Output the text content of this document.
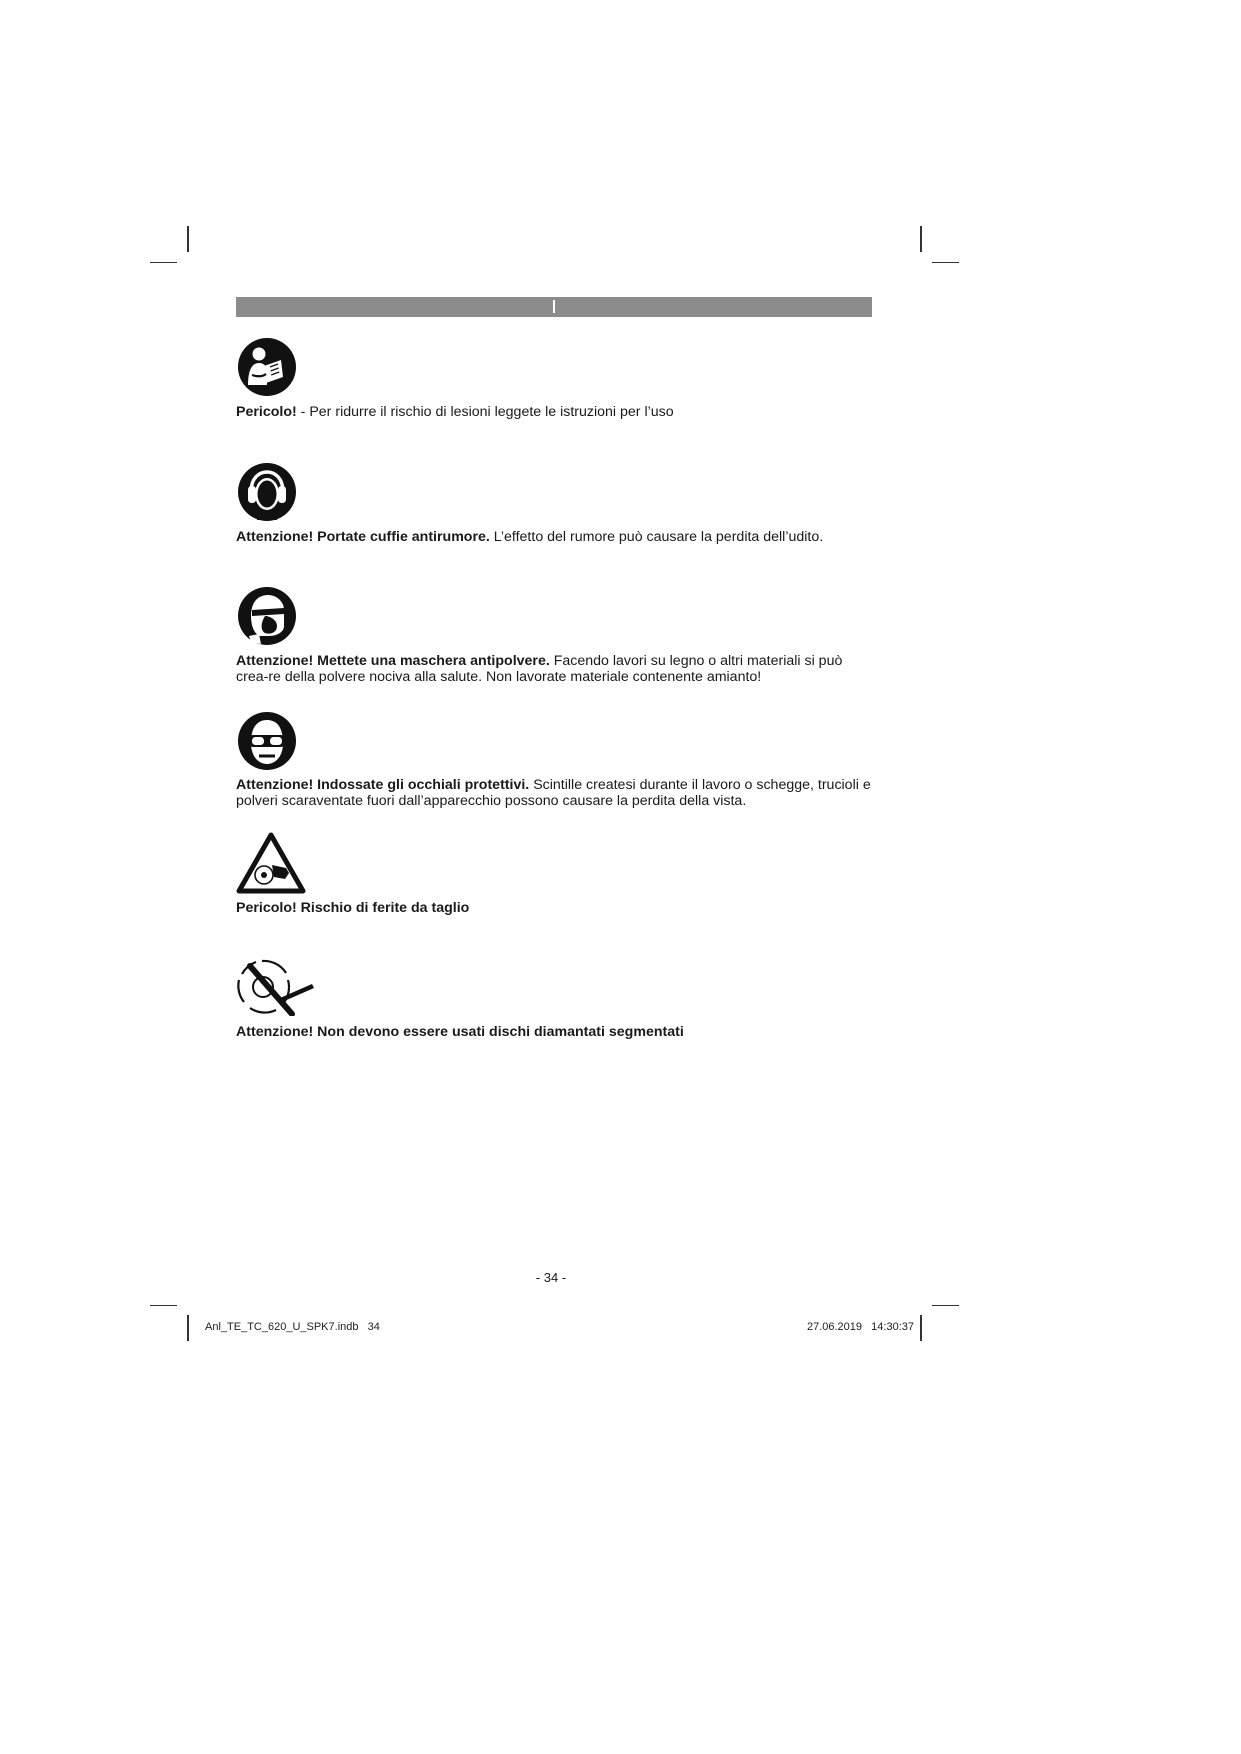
Pericolo! - Per ridurre il rischio di lesioni leggete le istruzioni per l’uso

Attenzione! Portate cuffie antirumore. L’effetto del rumore può causare la perdita dell’udito.

Attenzione! Mettete una maschera antipolvere. Facendo lavori su legno o altri materiali si può crea-re della polvere nociva alla salute. Non lavorate materiale contenente amianto!

Attenzione! Indossate gli occhiali protettivi. Scintille createsi durante il lavoro o schegge, trucioli e polveri scaraventate fuori dall’apparecchio possono causare la perdita della vista.

Pericolo! Rischio di ferite da taglio

Attenzione! Non devono essere usati dischi diamantati segmentati

- 34 -
Anl_TE_TC_620_U_SPK7.indb   34	27.06.2019   14:30:37
